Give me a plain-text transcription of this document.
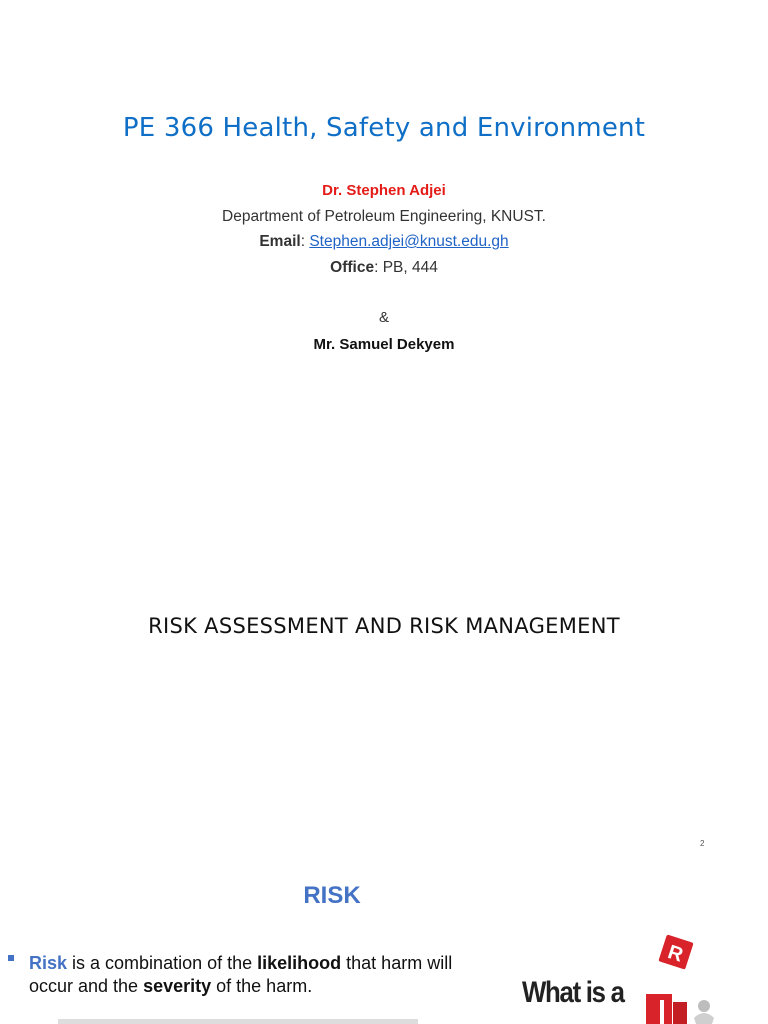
PE 366 Health, Safety and Environment
Dr. Stephen Adjei
Department of Petroleum Engineering, KNUST.
Email: Stephen.adjei@knust.edu.gh
Office: PB, 444
&
Mr. Samuel Dekyem
RISK ASSESSMENT AND RISK MANAGEMENT
2
RISK
Risk is a combination of the likelihood that harm will occur and the severity of the harm.	What is a
R
